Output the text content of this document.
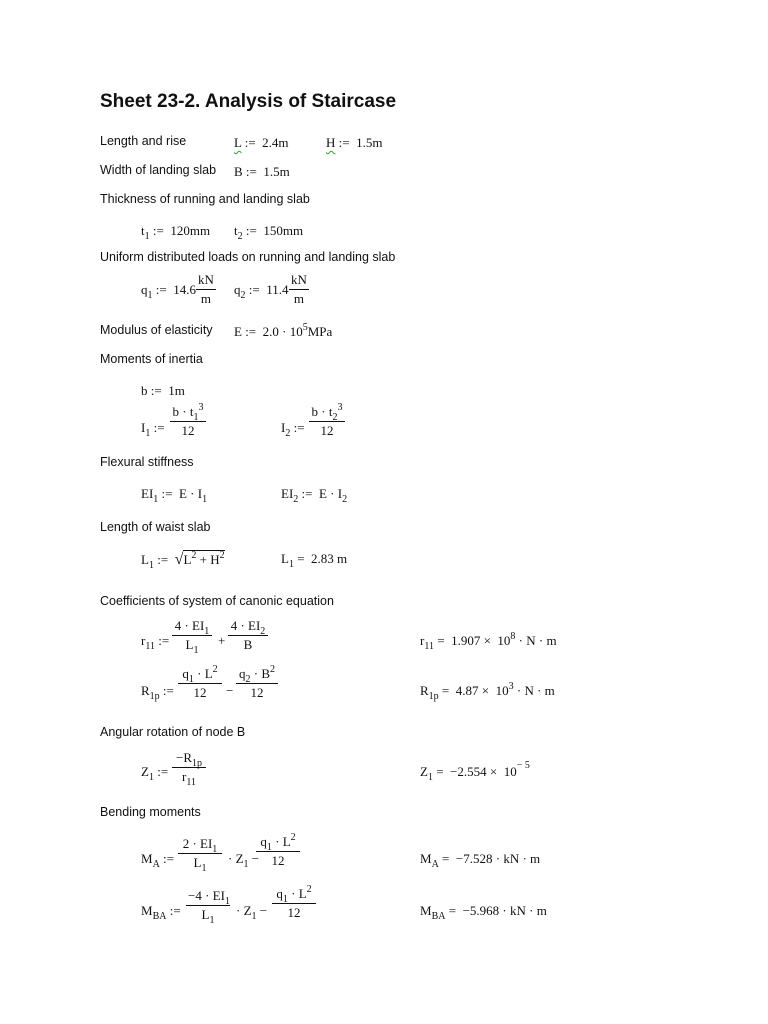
Sheet 23-2. Analysis of Staircase
Length and rise	L :=  2.4m	H :=  1.5m
Width of landing slab B :=  1.5m
Thickness of running and landing slab
$t_1$ :=  120mm $t_2$ :=  150mm
Uniform distributed loads on running and landing slab
$q_1$ :=  14.6
kN
m
$q_2$ :=  11.4
kN
m
Modulus of elasticity E :=  $2.0 \cdot 10^5MPa$
Moments of inertia
b :=  1m
$I_1$ :=
$b \cdot t_1^3$
12	$I_2$ :=
$b \cdot t_2^3$
12
Flexural stiffness
$EI_1$ :=  $E \cdot I_1$	$EI_2$ :=  $E \cdot I_2$
Length of waist slab
$L_1$ :=  $√L^2 + H^2$	$L_1 = 2.83$ m
Coefficients of system of canonic equation
$r_{11}$ :=
$4 \cdot EI_1$
$L_1$
+
$4 \cdot EI_2$
B	$r_{11} = 1.907 \times 10^8 \cdot N \cdot m$
$R_{1p}$ :=
$q_1 \cdot L^2$
12	−
$q_2 \cdot B^2$
12	$R_{1p} = 4.87 \times 10^3 \cdot N \cdot m$
Angular rotation of node B
$Z_1$ :=
$-R_{1p}$
$r_{11}$
$Z_1 = -2.554 \times 10^{- 5}$
Bending moments
$M_A$ :=
$2 \cdot EI_1$
$L_1$
· $Z_1$ −
$q_1 \cdot L^2$
12	$M_A = -7.528$ · kN · m
$M_{BA}$ :=
$-4 \cdot EI_1$
$L_1$
· $Z_1$ −
$q_1 \cdot L^2$
12	$M_{BA} = -5.968$ · kN · m
